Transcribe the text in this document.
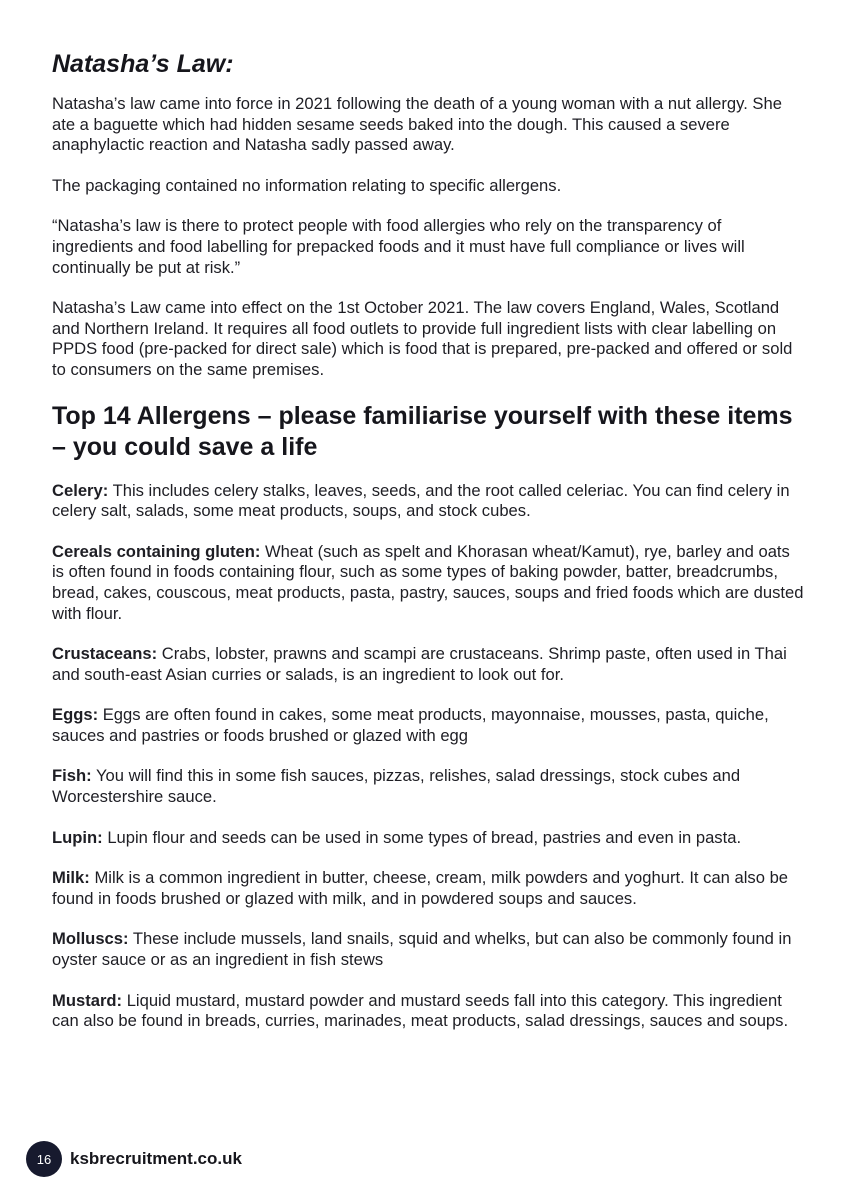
Natasha’s Law:

Natasha’s law came into force in 2021 following the death of a young woman with a nut allergy. She ate a baguette which had hidden sesame seeds baked into the dough. This caused a severe anaphylactic reaction and Natasha sadly passed away.

The packaging contained no information relating to specific allergens.

“Natasha’s law is there to protect people with food allergies who rely on the transparency of ingredients and food labelling for prepacked foods and it must have full compliance or lives will continually be put at risk.”

Natasha’s Law came into effect on the 1st October 2021. The law covers England, Wales, Scotland and Northern Ireland. It requires all food outlets to provide full ingredient lists with clear labelling on PPDS food (pre-packed for direct sale) which is food that is prepared, pre-packed and offered or sold to consumers on the same premises.

Top 14 Allergens – please familiarise yourself with these items – you could save a life
Celery: This includes celery stalks, leaves, seeds, and the root called celeriac. You can find celery in celery salt, salads, some meat products, soups, and stock cubes.
Cereals containing gluten: Wheat (such as spelt and Khorasan wheat/Kamut), rye, barley and oats is often found in foods containing flour, such as some types of baking powder, batter, breadcrumbs, bread, cakes, couscous, meat products, pasta, pastry, sauces, soups and fried foods which are dusted with flour.
Crustaceans: Crabs, lobster, prawns and scampi are crustaceans. Shrimp paste, often used in Thai and south-east Asian curries or salads, is an ingredient to look out for.
Eggs: Eggs are often found in cakes, some meat products, mayonnaise, mousses, pasta, quiche, sauces and pastries or foods brushed or glazed with egg
Fish: You will find this in some fish sauces, pizzas, relishes, salad dressings, stock cubes and Worcestershire sauce.
Lupin: Lupin flour and seeds can be used in some types of bread, pastries and even in pasta.
Milk: Milk is a common ingredient in butter, cheese, cream, milk powders and yoghurt. It can also be found in foods brushed or glazed with milk, and in powdered soups and sauces.
Molluscs: These include mussels, land snails, squid and whelks, but can also be commonly found in oyster sauce or as an ingredient in fish stews
Mustard: Liquid mustard, mustard powder and mustard seeds fall into this category. This ingredient can also be found in breads, curries, marinades, meat products, salad dressings, sauces and soups.
16	ksbrecruitment.co.uk
